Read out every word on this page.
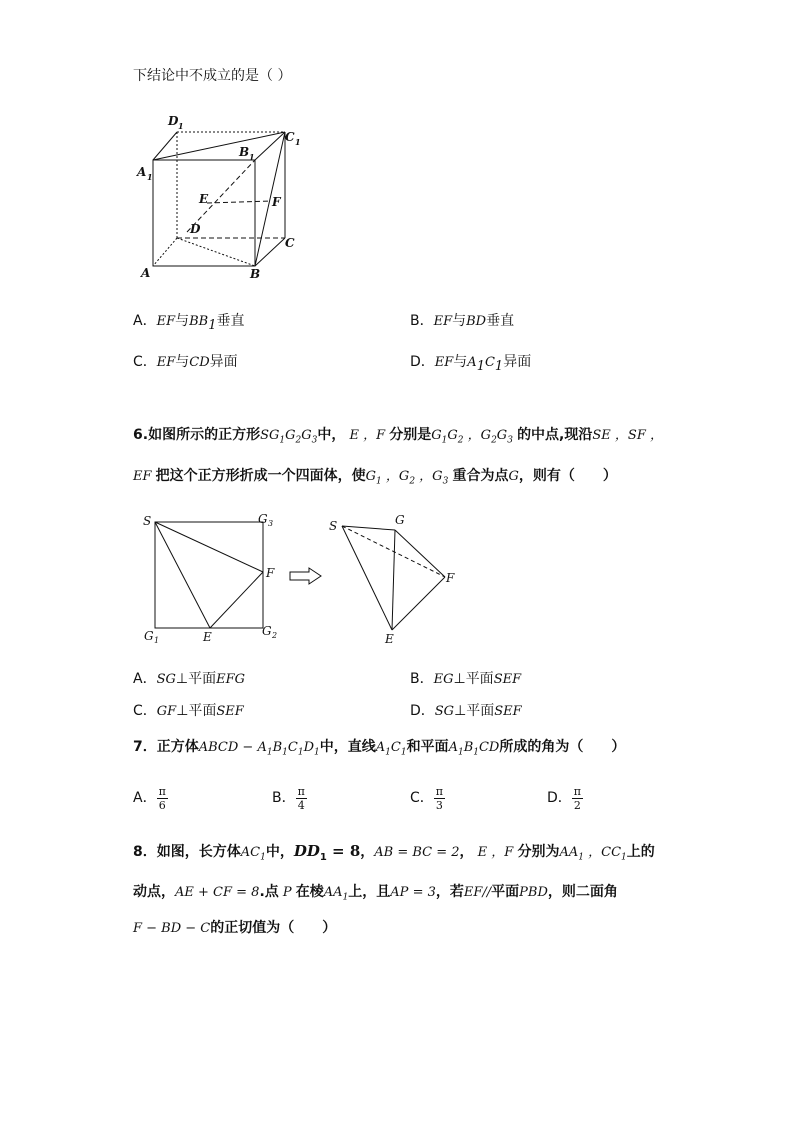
下结论中不成立的是（ ）
D 1
A 1
B 1
C 1
E	F
D
C
A	B
A．EF与$BB_1$垂直	B．EF与BD垂直
C．EF与CD异面	D．EF与$A_1C_1$异面
6.如图所示的正方形$SG_1G_2G_3$中， E ，F 分别是$G_1G_2$ ，$G_2G_3$ 的中点,现沿SE ，SF ，
EF 把这个正方形折成一个四面体，使$G_1$ ，$G_2$ ，$G_3$ 重合为点G，则有（　　）
S	G 3
F
G 1	E	G 2
S	G
F
E
A．SG⊥平面EFG	B．EG⊥平面SEF
C．GF⊥平面SEF	D．SG⊥平面SEF
7．正方体ABCD − $A_1B_1C_1D_1$中，直线$A_1C_1$和平面$A_1B_1CD$所成的角为（　　）
A． $\frac{\pi}{6}$	B． $\frac{\pi}{4}$	C． $\frac{\pi}{3}$	D． $\frac{\pi}{2}$
8．如图，长方体$AC_1$中，$DD_1 = 8$，AB = BC = 2， E ，F 分别为$AA_1$ ，$CC_1$上的
动点，AE + CF = 8.点 P 在棱$AA_1$上，且AP = 3，若EF//平面PBD，则二面角
F − BD − C的正切值为（　　）
